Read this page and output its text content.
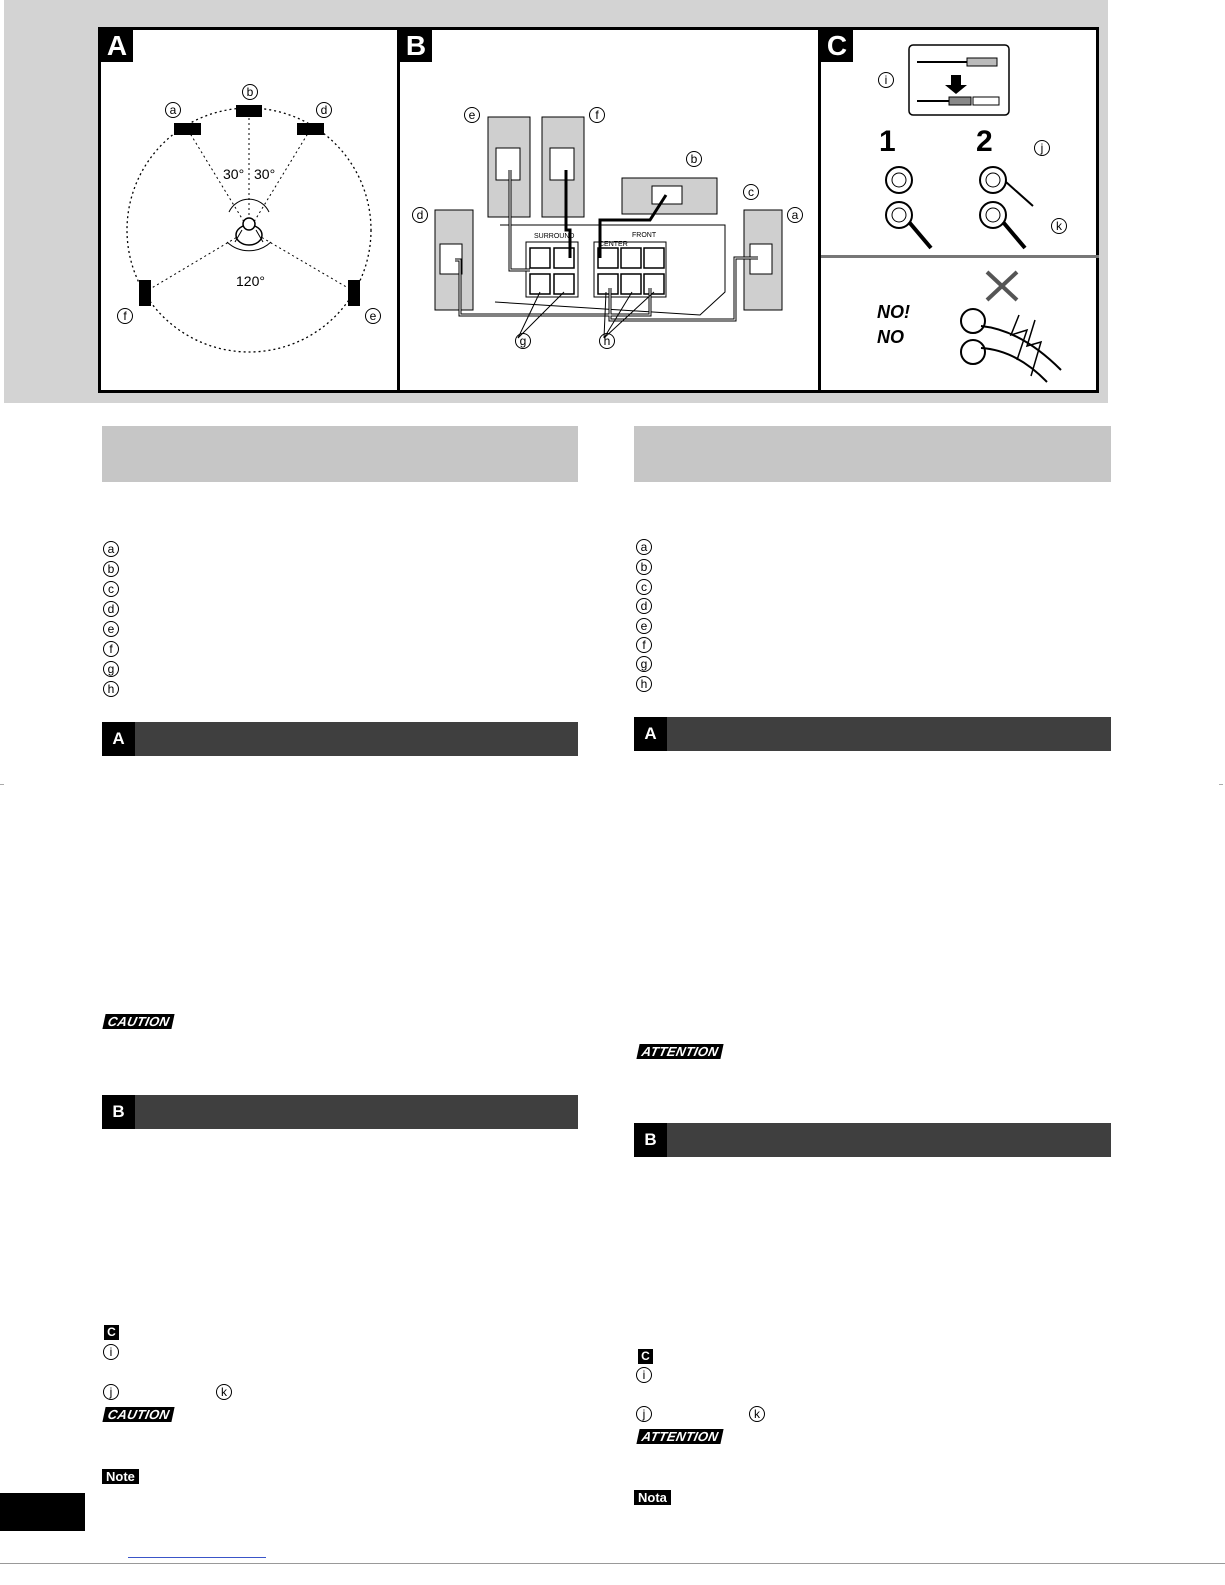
A
30° 30°
120°
b
a	d
f	e
B
SURROUND
CENTER
FRONT
e	f
b
c
d	a
g	h
C
i
1	2	j
k
NO!
NO
a
b
c
d
e
f
g
h
A
CAUTION
B
C
i
j	k
CAUTION
Note
a
b
c
d
e
f
g
h
A
ATTENTION
B
C
i
j	k
ATTENTION
Nota
